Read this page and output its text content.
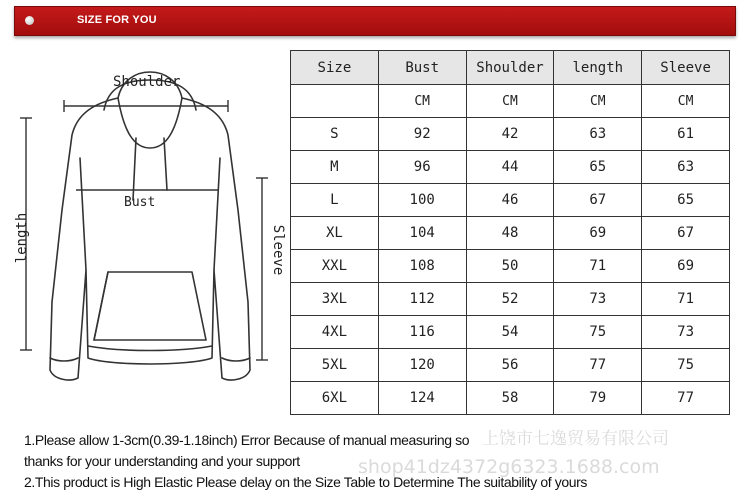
SIZE FOR YOU
Shoulder
Bust
length	Sleeve
Size	Bust	Shoulder	length	Sleeve
	CM	CM	CM	CM
S	92	42	63	61
M	96	44	65	63
L	100	46	67	65
XL	104	48	69	67
XXL	108	50	71	69
3XL	112	52	73	71
4XL	116	54	75	73
5XL	120	56	77	75
6XL	124	58	79	77
上饶市七逸贸易有限公司
shop41dz4372g6323.1688.com
1.Please allow 1-3cm(0.39-1.18inch) Error Because of manual measuring so
thanks for your understanding and your support
2.This product is High Elastic Please delay on the Size Table to Determine The suitability of yours
